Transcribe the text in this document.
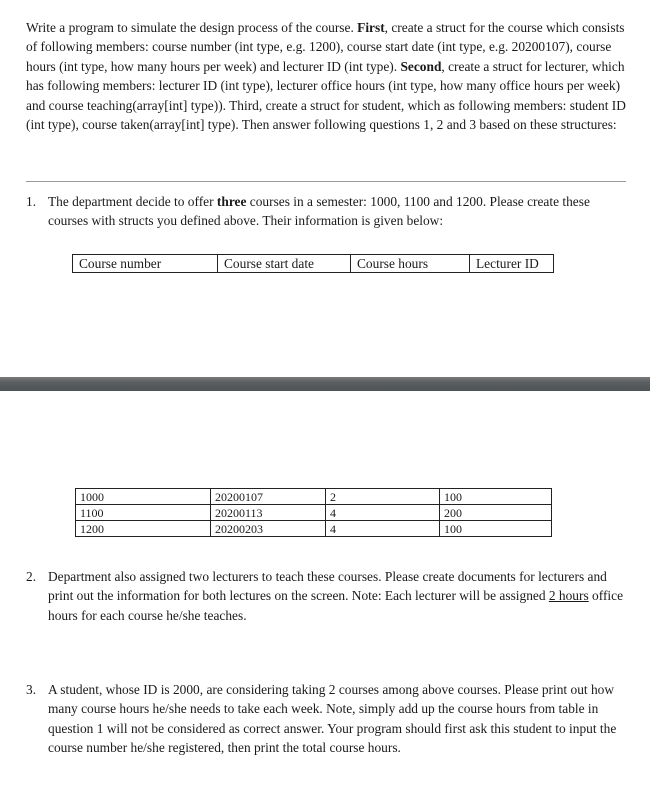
Write a program to simulate the design process of the course. First, create a struct for the course which consists of following members: course number (int type, e.g. 1200), course start date (int type, e.g. 20200107), course hours (int type, how many hours per week) and lecturer ID (int type). Second, create a struct for lecturer, which has following members: lecturer ID (int type), lecturer office hours (int type, how many office hours per week) and course teaching(array[int] type)). Third, create a struct for student, which as following members: student ID (int type), course taken(array[int] type). Then answer following questions 1, 2 and 3 based on these structures:
1. The department decide to offer three courses in a semester: 1000, 1100 and 1200. Please create these courses with structs you defined above. Their information is given below:
Course number	Course start date	Course hours	Lecturer ID
1000	20200107	2	100
1100	20200113	4	200
1200	20200203	4	100
2. Department also assigned two lecturers to teach these courses. Please create documents for lecturers and print out the information for both lectures on the screen. Note: Each lecturer will be assigned 2 hours office hours for each course he/she teaches.
3. A student, whose ID is 2000, are considering taking 2 courses among above courses. Please print out how many course hours he/she needs to take each week. Note, simply add up the course hours from table in question 1 will not be considered as correct answer. Your program should first ask this student to input the course number he/she registered, then print the total course hours.
